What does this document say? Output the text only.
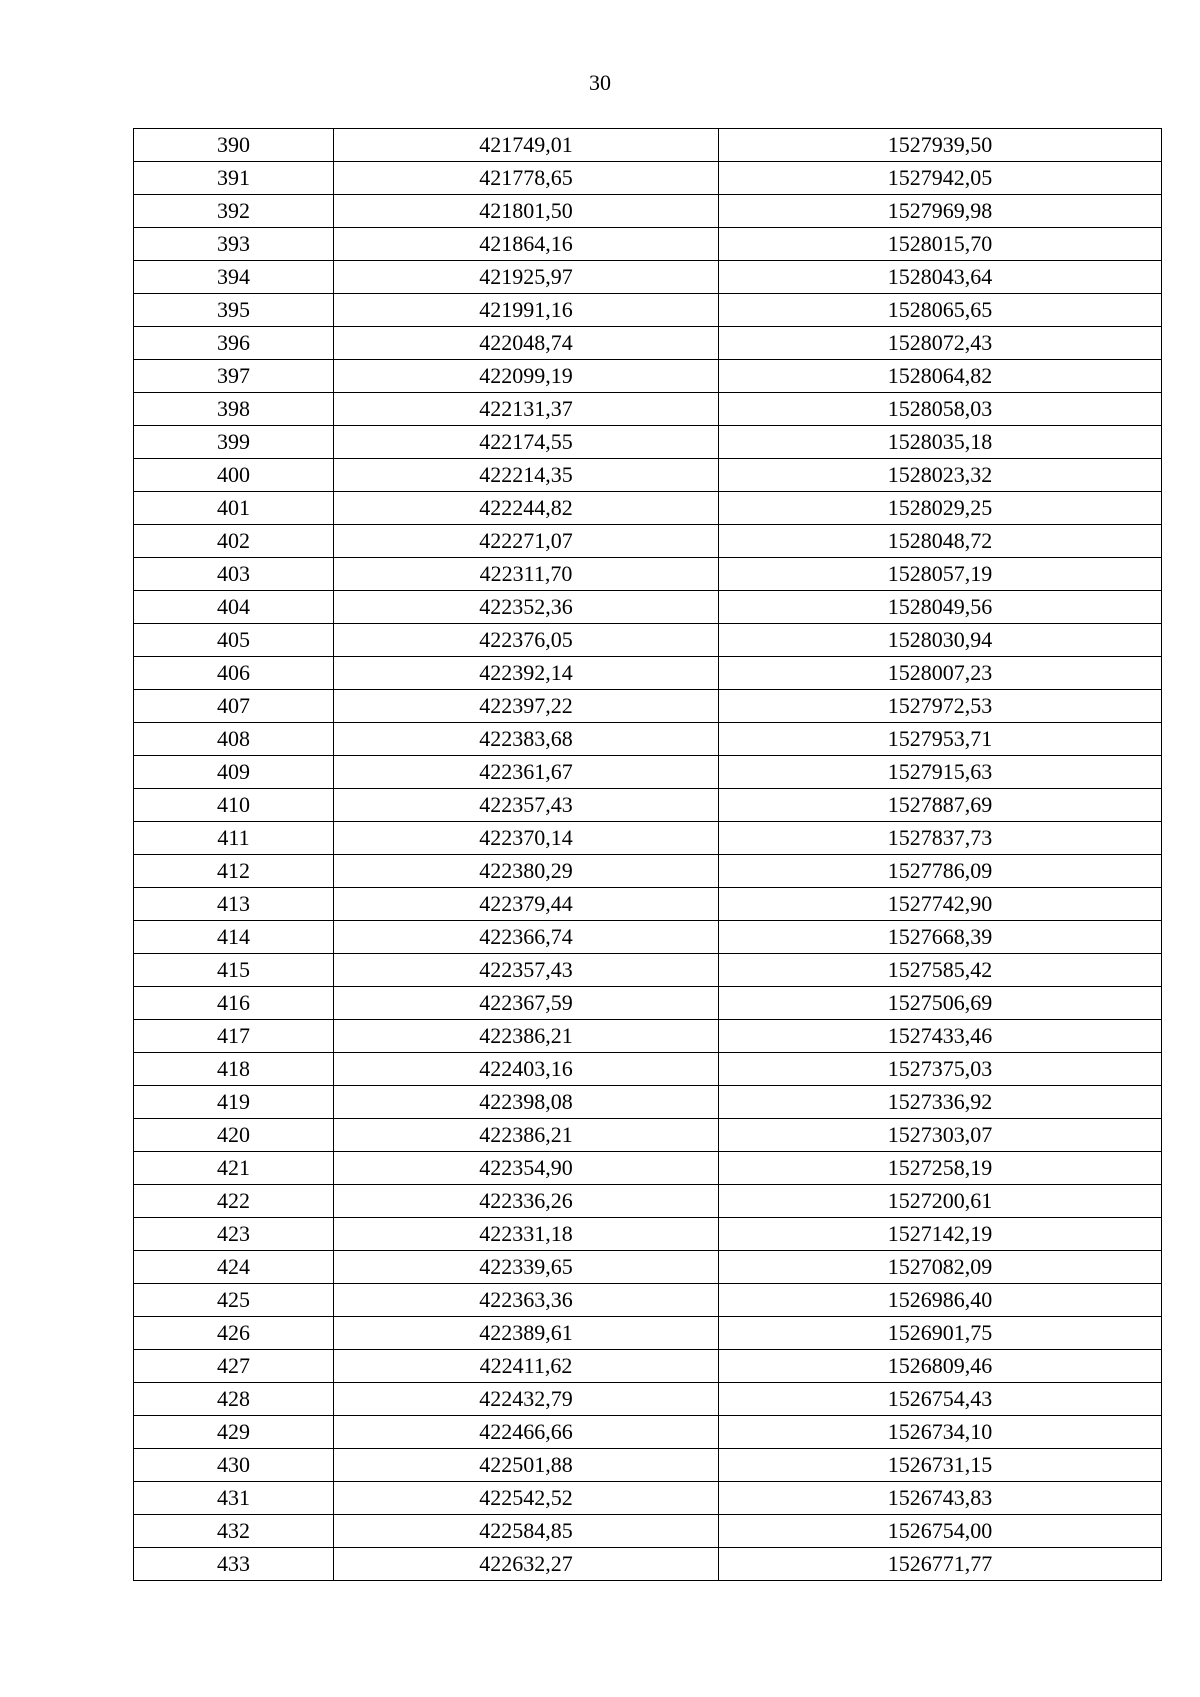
30
390	421749,01	1527939,50
391	421778,65	1527942,05
392	421801,50	1527969,98
393	421864,16	1528015,70
394	421925,97	1528043,64
395	421991,16	1528065,65
396	422048,74	1528072,43
397	422099,19	1528064,82
398	422131,37	1528058,03
399	422174,55	1528035,18
400	422214,35	1528023,32
401	422244,82	1528029,25
402	422271,07	1528048,72
403	422311,70	1528057,19
404	422352,36	1528049,56
405	422376,05	1528030,94
406	422392,14	1528007,23
407	422397,22	1527972,53
408	422383,68	1527953,71
409	422361,67	1527915,63
410	422357,43	1527887,69
411	422370,14	1527837,73
412	422380,29	1527786,09
413	422379,44	1527742,90
414	422366,74	1527668,39
415	422357,43	1527585,42
416	422367,59	1527506,69
417	422386,21	1527433,46
418	422403,16	1527375,03
419	422398,08	1527336,92
420	422386,21	1527303,07
421	422354,90	1527258,19
422	422336,26	1527200,61
423	422331,18	1527142,19
424	422339,65	1527082,09
425	422363,36	1526986,40
426	422389,61	1526901,75
427	422411,62	1526809,46
428	422432,79	1526754,43
429	422466,66	1526734,10
430	422501,88	1526731,15
431	422542,52	1526743,83
432	422584,85	1526754,00
433	422632,27	1526771,77
